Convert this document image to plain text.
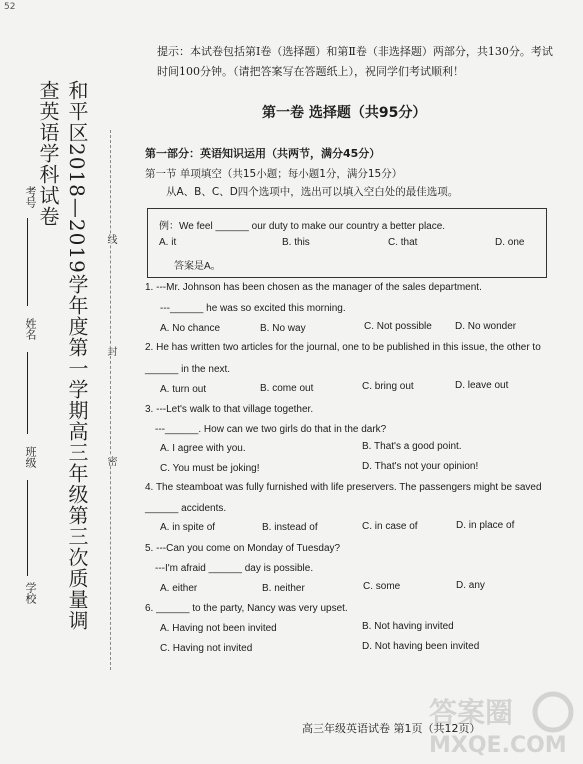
52
和平区2018—2019学年度第一学期高三年级第三次质量调查英语学科试卷
考号
姓名
班级
学校
线
封
密
提示：本试卷包括第Ⅰ卷（选择题）和第Ⅱ卷（非选择题）两部分，共130分。考试
时间100分钟。（请把答案写在答题纸上），祝同学们考试顺利！
第一卷 选择题（共95分）
第一部分：英语知识运用（共两节，满分45分）
第一节 单项填空（共15小题；每小题1分，满分15分）
从A、B、C、D四个选项中，选出可以填入空白处的最佳选项。
例：We feel ______ our duty to make our country a better place.
A. it	B. this	C. that	D. one
答案是A。
1. ---Mr. Johnson has been chosen as the manager of the sales department.
---______ he was so excited this morning.
A. No chance	B. No way	C. Not possible D. No wonder
2. He has written two articles for the journal, one to be published in this issue, the other to
______ in the next.
A. turn out	B. come out	C. bring out	D. leave out
3. ---Let's walk to that village together.
---______. How can we two girls do that in the dark?
A. I agree with you.	B. That's a good point.
C. You must be joking!	D. That's not your opinion!
4. The steamboat was fully furnished with life preservers. The passengers might be saved
______ accidents.
A. in spite of	B. instead of	C. in case of	D. in place of
5. ---Can you come on Monday of Tuesday?
---I'm afraid ______ day is possible.
A. either	B. neither	C. some	D. any
6. ______ to the party, Nancy was very upset.
A. Having not been invited	B. Not having invited
C. Having not invited	D. Not having been invited
高三年级英语试卷 第1页（共12页）
答案圈
MXQE.COM
